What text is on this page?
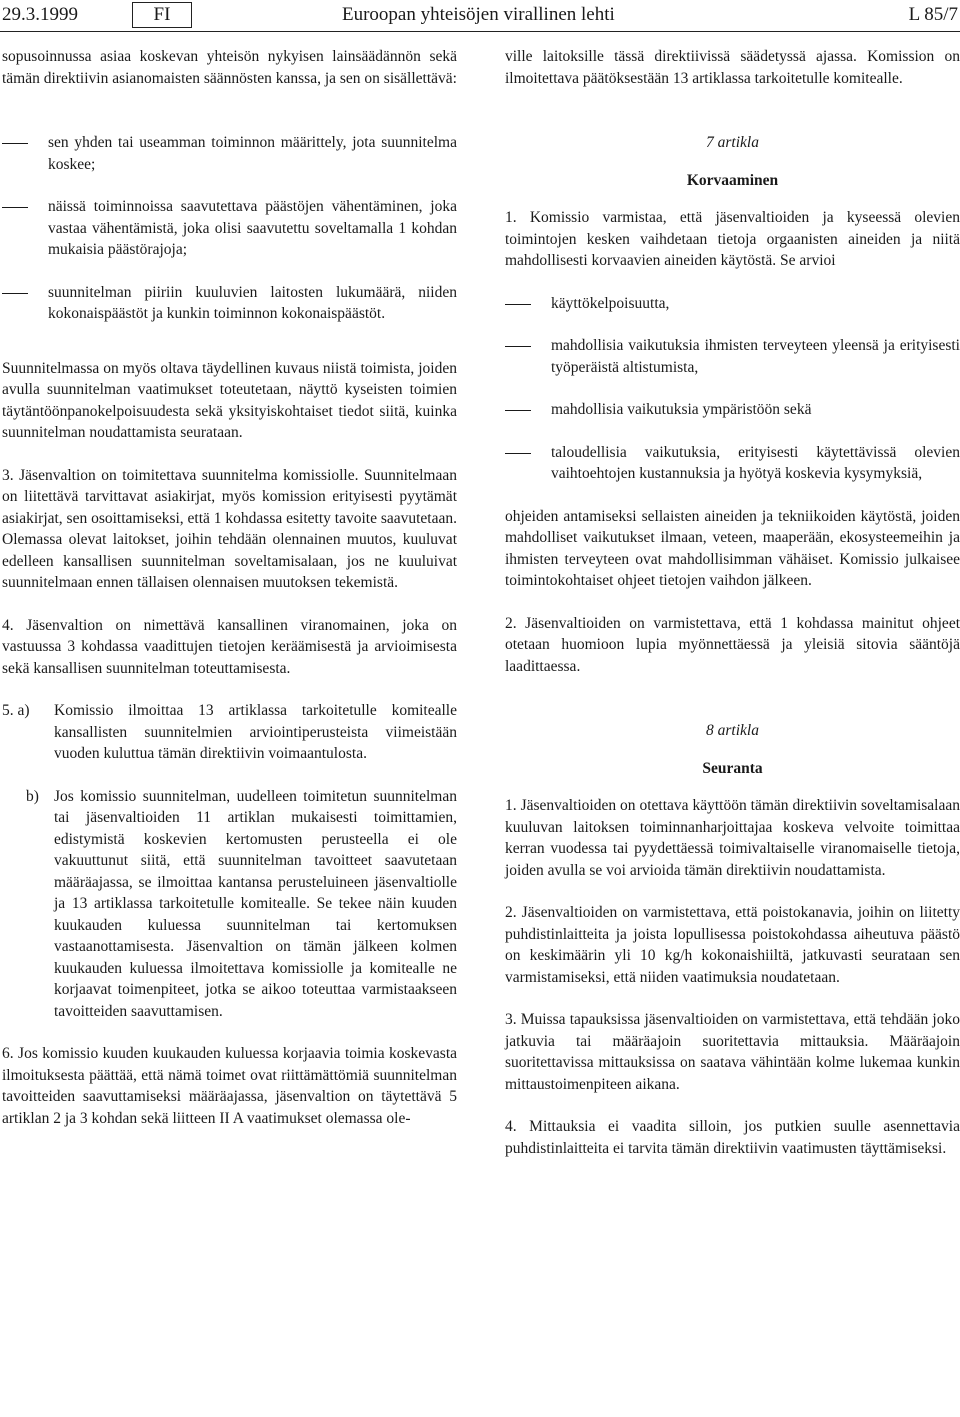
29.3.1999	FI	Euroopan yhteisöjen virallinen lehti	L 85/7

sopusoinnussa asiaa koskevan yhteisön nykyisen lainsäädännön sekä tämän direktiivin asianomaisten säännösten kanssa, ja sen on sisällettävä:

sen yhden tai useamman toiminnon määrittely, jota suunnitelma koskee;
näissä toiminnoissa saavutettava päästöjen vähentäminen, joka vastaa vähentämistä, joka olisi saavutettu soveltamalla 1 kohdan mukaisia päästörajoja;
suunnitelman piiriin kuuluvien laitosten lukumäärä, niiden kokonaispäästöt ja kunkin toiminnon kokonaispäästöt.

Suunnitelmassa on myös oltava täydellinen kuvaus niistä toimista, joiden avulla suunnitelman vaatimukset toteutetaan, näyttö kyseisten toimien täytäntöönpanokelpoisuudesta sekä yksityiskohtaiset tiedot siitä, kuinka suunnitelman noudattamista seurataan.

3. Jäsenvaltion on toimitettava suunnitelma komissiolle. Suunnitelmaan on liitettävä tarvittavat asiakirjat, myös komission erityisesti pyytämät asiakirjat, sen osoittamiseksi, että 1 kohdassa esitetty tavoite saavutetaan. Olemassa olevat laitokset, joihin tehdään olennainen muutos, kuuluvat edelleen kansallisen suunnitelman soveltamisalaan, jos ne kuuluivat suunnitelmaan ennen tällaisen olennaisen muutoksen tekemistä.

4. Jäsenvaltion on nimettävä kansallinen viranomainen, joka on vastuussa 3 kohdassa vaadittujen tietojen keräämisestä ja arvioimisesta sekä kansallisen suunnitelman toteuttamisesta.

5. a)	Komissio ilmoittaa 13 artiklassa tarkoitetulle komitealle kansallisten suunnitelmien arviointiperusteista viimeistään vuoden kuluttua tämän direktiivin voimaantulosta.
b) Jos komissio suunnitelman, uudelleen toimitetun suunnitelman tai jäsenvaltioiden 11 artiklan mukaisesti toimittamien, edistymistä koskevien kertomusten perusteella ei ole vakuuttunut siitä, että suunnitelman tavoitteet saavutetaan määräajassa, se ilmoittaa kantansa perusteluineen jäsenvaltiolle ja 13 artiklassa tarkoitetulle komitealle. Se tekee näin kuuden kuukauden kuluessa suunnitelman tai kertomuksen vastaanottamisesta. Jäsenvaltion on tämän jälkeen kolmen kuukauden kuluessa ilmoitettava komissiolle ja komitealle ne korjaavat toimenpiteet, jotka se aikoo toteuttaa varmistaakseen tavoitteiden saavuttamisen.

6. Jos komissio kuuden kuukauden kuluessa korjaavia toimia koskevasta ilmoituksesta päättää, että nämä toimet ovat riittämättömiä suunnitelman tavoitteiden saavuttamiseksi määräajassa, jäsenvaltion on täytettävä 5 artiklan 2 ja 3 kohdan sekä liitteen II A vaatimukset olemassa ole-

ville laitoksille tässä direktiivissä säädetyssä ajassa. Komission on ilmoitettava päätöksestään 13 artiklassa tarkoitetulle komitealle.

7 artikla

Korvaaminen

1. Komissio varmistaa, että jäsenvaltioiden ja kyseessä olevien toimintojen kesken vaihdetaan tietoja orgaanisten aineiden ja niitä mahdollisesti korvaavien aineiden käytöstä. Se arvioi

käyttökelpoisuutta,
mahdollisia vaikutuksia ihmisten terveyteen yleensä ja erityisesti työperäistä altistumista,
mahdollisia vaikutuksia ympäristöön sekä
taloudellisia vaikutuksia, erityisesti käytettävissä olevien vaihtoehtojen kustannuksia ja hyötyä koskevia kysymyksiä,

ohjeiden antamiseksi sellaisten aineiden ja tekniikoiden käytöstä, joiden mahdolliset vaikutukset ilmaan, veteen, maaperään, ekosysteemeihin ja ihmisten terveyteen ovat mahdollisimman vähäiset. Komissio julkaisee toimintokohtaiset ohjeet tietojen vaihdon jälkeen.

2. Jäsenvaltioiden on varmistettava, että 1 kohdassa mainitut ohjeet otetaan huomioon lupia myönnettäessä ja yleisiä sitovia sääntöjä laadittaessa.

8 artikla

Seuranta

1. Jäsenvaltioiden on otettava käyttöön tämän direktiivin soveltamisalaan kuuluvan laitoksen toiminnanharjoittajaa koskeva velvoite toimittaa kerran vuodessa tai pyydettäessä toimivaltaiselle viranomaiselle tietoja, joiden avulla se voi arvioida tämän direktiivin noudattamista.

2. Jäsenvaltioiden on varmistettava, että poistokanavia, joihin on liitetty puhdistinlaitteita ja joista lopullisessa poistokohdassa aiheutuva päästö on keskimäärin yli 10 kg/h kokonaishiiltä, jatkuvasti seurataan sen varmistamiseksi, että niiden vaatimuksia noudatetaan.

3. Muissa tapauksissa jäsenvaltioiden on varmistettava, että tehdään joko jatkuvia tai määräajoin suoritettavia mittauksia. Määräajoin suoritettavissa mittauksissa on saatava vähintään kolme lukemaa kunkin mittaustoimenpiteen aikana.

4. Mittauksia ei vaadita silloin, jos putkien suulle asennettavia puhdistinlaitteita ei tarvita tämän direktiivin vaatimusten täyttämiseksi.
